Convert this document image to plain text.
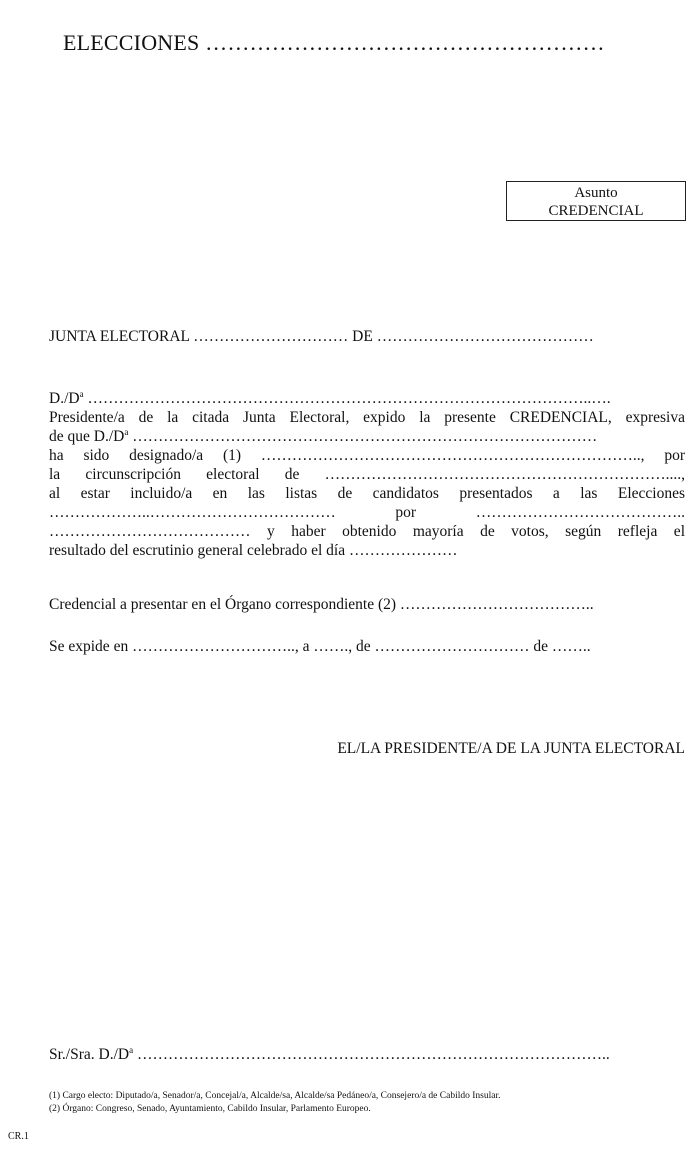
ELECCIONES ………………………………………………
Asunto
CREDENCIAL
JUNTA ELECTORAL ………………………… DE ……………………………………
$D./D^a$ ……………………………………………………………………………………..….
Presidente/a de la citada Junta Electoral, expido la presente CREDENCIAL, expresiva
de que $D./D^a$ ………………………………………………………………………………
ha sido designado/a (1) ……………………………………………………………….., por
la circunscripción electoral de …………………………………………………………....,
al estar incluido/a en las listas de candidatos presentados a las Elecciones
………………..……………………………… por …………………………………..
………………………………… y haber obtenido mayoría de votos, según refleja el
resultado del escrutinio general celebrado el día …………………
Credencial a presentar en el Órgano correspondiente (2) ………………………………..
Se expide en ………………………….., a ……., de ………………………… de ……..
EL/LA PRESIDENTE/A DE LA JUNTA ELECTORAL
Sr./Sra. $D./D^a$ ………………………………………………………………………………..
(1) Cargo electo: Diputado/a, Senador/a, Concejal/a, Alcalde/sa, Alcalde/sa Pedáneo/a, Consejero/a de Cabildo Insular.
(2) Órgano: Congreso, Senado, Ayuntamiento, Cabildo Insular, Parlamento Europeo.
CR.1
